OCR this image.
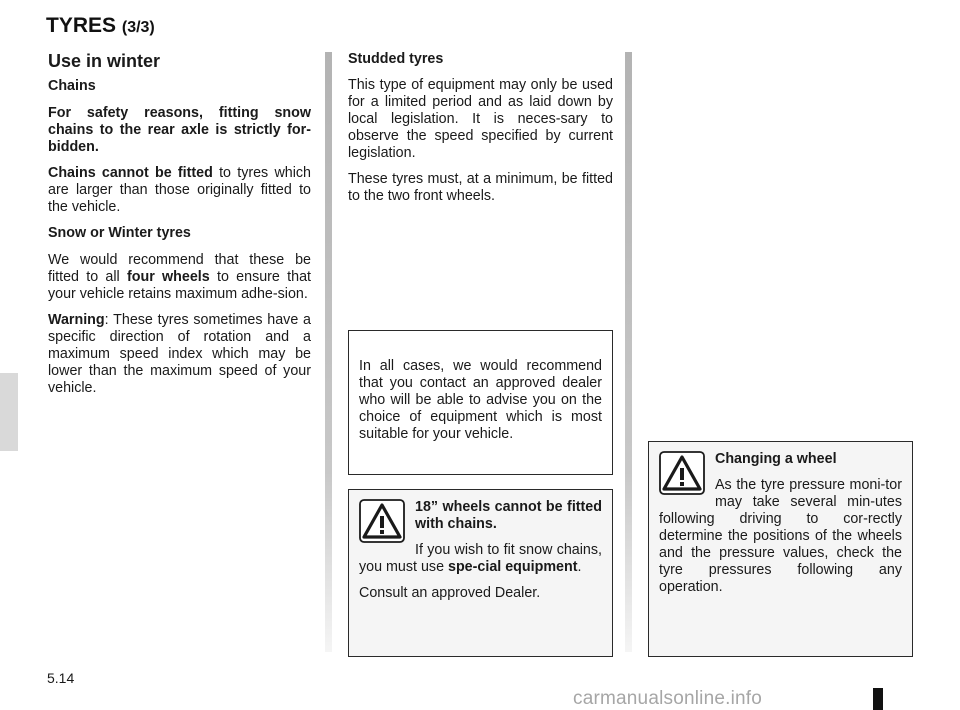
TYRES (3/3)
Use in winter

Chains

For safety reasons, fitting snow chains to the rear axle is strictly for-bidden.

Chains cannot be fitted to tyres which are larger than those originally fitted to the vehicle.

Snow or Winter tyres

We would recommend that these be fitted to all four wheels to ensure that your vehicle retains maximum adhe-sion.

Warning: These tyres sometimes have a specific direction of rotation and a maximum speed index which may be lower than the maximum speed of your vehicle.

Studded tyres

This type of equipment may only be used for a limited period and as laid down by local legislation. It is neces-sary to observe the speed specified by current legislation.

These tyres must, at a minimum, be fitted to the two front wheels.

In all cases, we would recommend that you contact an approved dealer who will be able to advise you on the choice of equipment which is most suitable for your vehicle.

18” wheels cannot be fitted with chains.

If you wish to fit snow chains, you must use spe-cial equipment.

Consult an approved Dealer.

Changing a wheel

As the tyre pressure moni-tor may take several min-utes following driving to cor-rectly determine the positions of the wheels and the pressure values, check the tyre pressures following any operation.

5.14
carmanualsonline.info
